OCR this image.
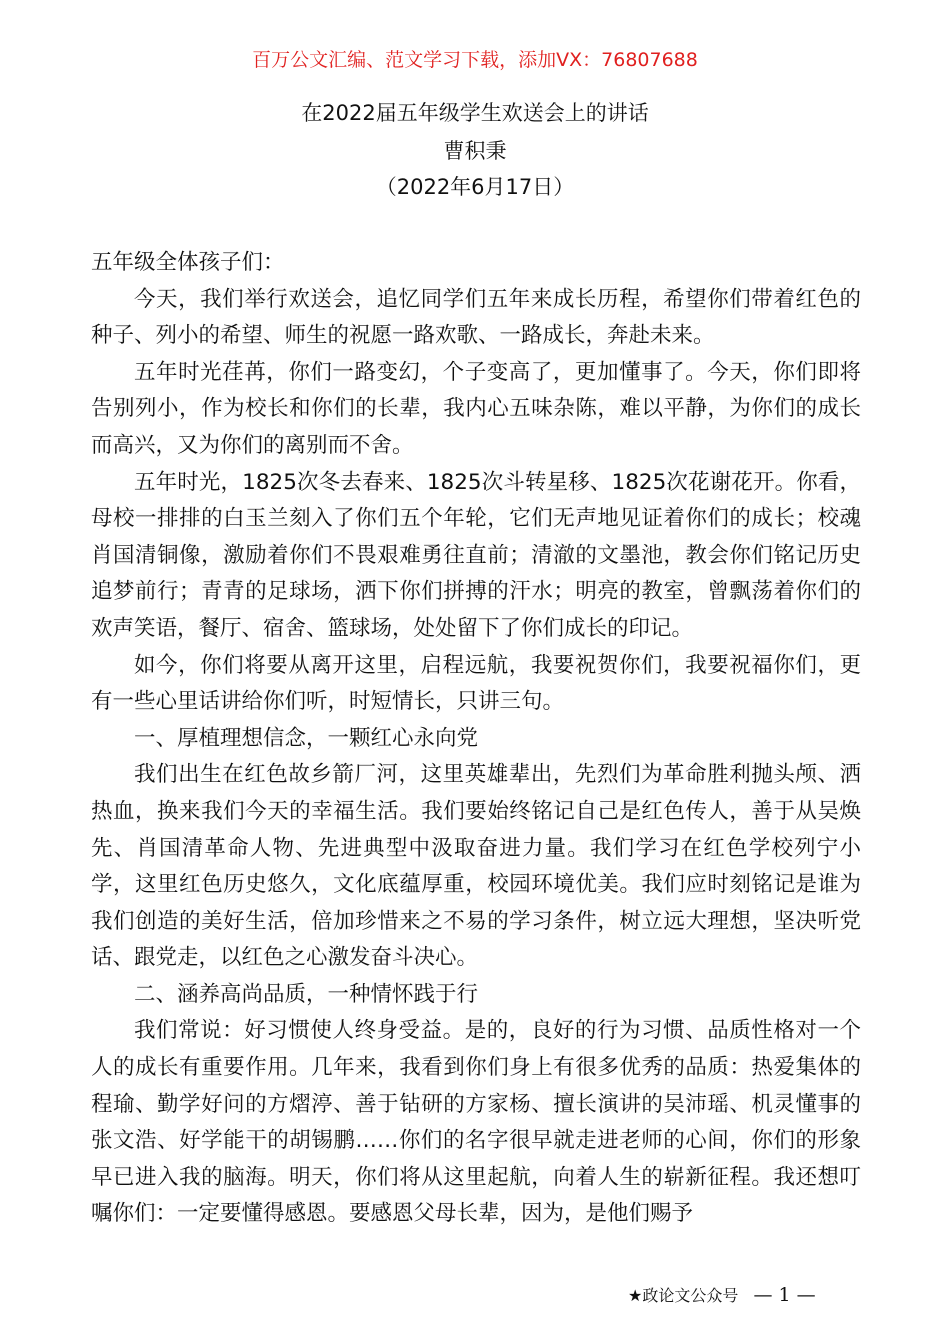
百万公文汇编、范文学习下载，添加VX：76807688
在2022届五年级学生欢送会上的讲话
曹积秉
（2022年6月17日）

五年级全体孩子们：

今天，我们举行欢送会，追忆同学们五年来成长历程，希望你们带着红色的种子、列小的希望、师生的祝愿一路欢歌、一路成长，奔赴未来。

五年时光荏苒，你们一路变幻，个子变高了，更加懂事了。今天，你们即将告别列小，作为校长和你们的长辈，我内心五味杂陈，难以平静，为你们的成长而高兴，又为你们的离别而不舍。

五年时光，1825次冬去春来、1825次斗转星移、1825次花谢花开。你看，母校一排排的白玉兰刻入了你们五个年轮，它们无声地见证着你们的成长；校魂肖国清铜像，激励着你们不畏艰难勇往直前；清澈的文墨池，教会你们铭记历史追梦前行；青青的足球场，洒下你们拼搏的汗水；明亮的教室，曾飘荡着你们的欢声笑语，餐厅、宿舍、篮球场，处处留下了你们成长的印记。

如今，你们将要从离开这里，启程远航，我要祝贺你们，我要祝福你们，更有一些心里话讲给你们听，时短情长，只讲三句。

一、厚植理想信念，一颗红心永向党

我们出生在红色故乡箭厂河，这里英雄辈出，先烈们为革命胜利抛头颅、洒热血，换来我们今天的幸福生活。我们要始终铭记自己是红色传人，善于从吴焕先、肖国清革命人物、先进典型中汲取奋进力量。我们学习在红色学校列宁小学，这里红色历史悠久，文化底蕴厚重，校园环境优美。我们应时刻铭记是谁为我们创造的美好生活，倍加珍惜来之不易的学习条件，树立远大理想，坚决听党话、跟党走，以红色之心激发奋斗决心。

二、涵养高尚品质，一种情怀践于行

我们常说：好习惯使人终身受益。是的，良好的行为习惯、品质性格对一个人的成长有重要作用。几年来，我看到你们身上有很多优秀的品质：热爱集体的程瑜、勤学好问的方熠渟、善于钻研的方家杨、擅长演讲的吴沛瑶、机灵懂事的张文浩、好学能干的胡锡鹏……你们的名字很早就走进老师的心间，你们的形象早已进入我的脑海。明天，你们将从这里起航，向着人生的崭新征程。我还想叮嘱你们：一定要懂得感恩。要感恩父母长辈，因为，是他们赐予

★政论文公众号 — 1 —
